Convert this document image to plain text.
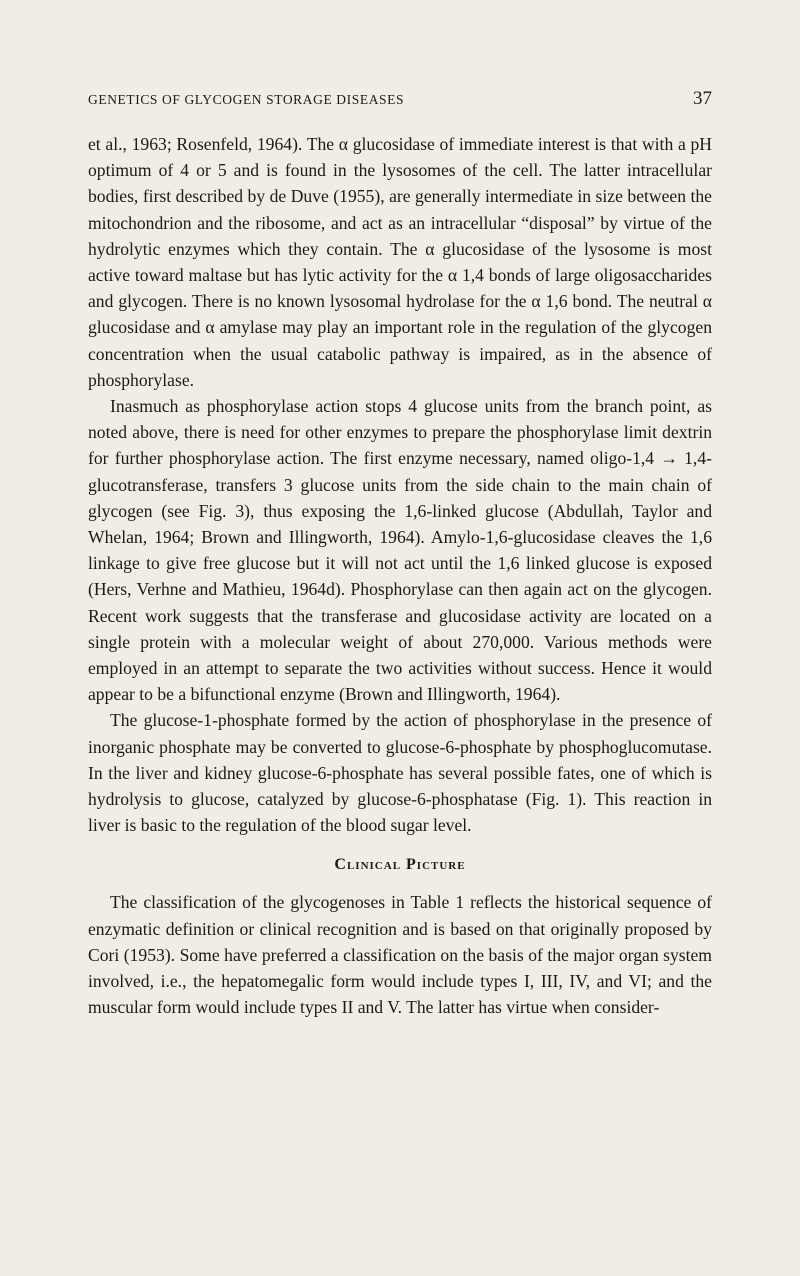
GENETICS OF GLYCOGEN STORAGE DISEASES	37

et al., 1963; Rosenfeld, 1964). The α glucosidase of immediate interest is that with a pH optimum of 4 or 5 and is found in the lysosomes of the cell. The latter intracellular bodies, first described by de Duve (1955), are generally intermediate in size between the mitochondrion and the ribosome, and act as an intracellular “disposal” by virtue of the hydrolytic enzymes which they contain. The α glucosidase of the lysosome is most active toward maltase but has lytic activity for the α 1,4 bonds of large oligosaccharides and glycogen. There is no known lysosomal hydrolase for the α 1,6 bond. The neutral α glucosidase and α amylase may play an important role in the regulation of the glycogen concentration when the usual catabolic pathway is impaired, as in the absence of phosphorylase.

Inasmuch as phosphorylase action stops 4 glucose units from the branch point, as noted above, there is need for other enzymes to prepare the phosphorylase limit dextrin for further phosphorylase action. The first enzyme necessary, named oligo-1,4 → 1,4-glucotransferase, transfers 3 glucose units from the side chain to the main chain of glycogen (see Fig. 3), thus exposing the 1,6-linked glucose (Abdullah, Taylor and Whelan, 1964; Brown and Illingworth, 1964). Amylo-1,6-glucosidase cleaves the 1,6 linkage to give free glucose but it will not act until the 1,6 linked glucose is exposed (Hers, Verhne and Mathieu, 1964d). Phosphorylase can then again act on the glycogen. Recent work suggests that the transferase and glucosidase activity are located on a single protein with a molecular weight of about 270,000. Various methods were employed in an attempt to separate the two activities without success. Hence it would appear to be a bifunctional enzyme (Brown and Illingworth, 1964).

The glucose-1-phosphate formed by the action of phosphorylase in the presence of inorganic phosphate may be converted to glucose-6-phosphate by phosphoglucomutase. In the liver and kidney glucose-6-phosphate has several possible fates, one of which is hydrolysis to glucose, catalyzed by glucose-6-phosphatase (Fig. 1). This reaction in liver is basic to the regulation of the blood sugar level.

Clinical Picture

The classification of the glycogenoses in Table 1 reflects the historical sequence of enzymatic definition or clinical recognition and is based on that originally proposed by Cori (1953). Some have preferred a classification on the basis of the major organ system involved, i.e., the hepatomegalic form would include types I, III, IV, and VI; and the muscular form would include types II and V. The latter has virtue when consider-
